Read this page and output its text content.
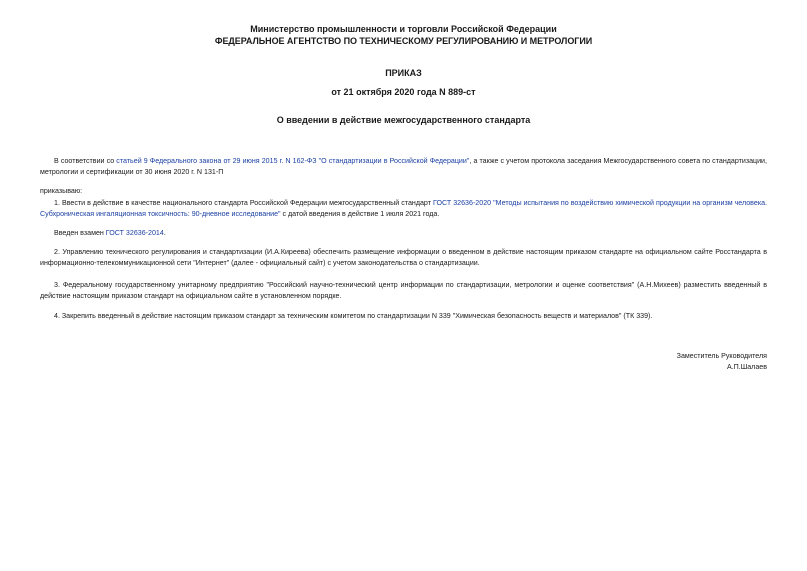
Министерство промышленности и торговли Российской Федерации
ФЕДЕРАЛЬНОЕ АГЕНТСТВО ПО ТЕХНИЧЕСКОМУ РЕГУЛИРОВАНИЮ И МЕТРОЛОГИИ
ПРИКАЗ
от 21 октября 2020 года N 889-ст
О введении в действие межгосударственного стандарта
В соответствии со статьей 9 Федерального закона от 29 июня 2015 г. N 162-ФЗ "О стандартизации в Российской Федерации", а также с учетом протокола заседания Межгосударственного совета по стандартизации, метрологии и сертификации от 30 июня 2020 г. N 131-П
приказываю:
1. Ввести в действие в качестве национального стандарта Российской Федерации межгосударственный стандарт ГОСТ 32636-2020 "Методы испытания по воздействию химической продукции на организм человека. Субхроническая ингаляционная токсичность: 90-дневное исследование" с датой введения в действие 1 июля 2021 года.
Введен взамен ГОСТ 32636-2014.
2. Управлению технического регулирования и стандартизации (И.А.Киреева) обеспечить размещение информации о введенном в действие настоящим приказом стандарте на официальном сайте Росстандарта в информационно-телекоммуникационной сети "Интернет" (далее - официальный сайт) с учетом законодательства о стандартизации.
3. Федеральному государственному унитарному предприятию "Российский научно-технический центр информации по стандартизации, метрологии и оценке соответствия" (А.Н.Михеев) разместить введенный в действие настоящим приказом стандарт на официальном сайте в установленном порядке.
4. Закрепить введенный в действие настоящим приказом стандарт за техническим комитетом по стандартизации N 339 "Химическая безопасность веществ и материалов" (ТК 339).
Заместитель Руководителя
А.П.Шалаев
